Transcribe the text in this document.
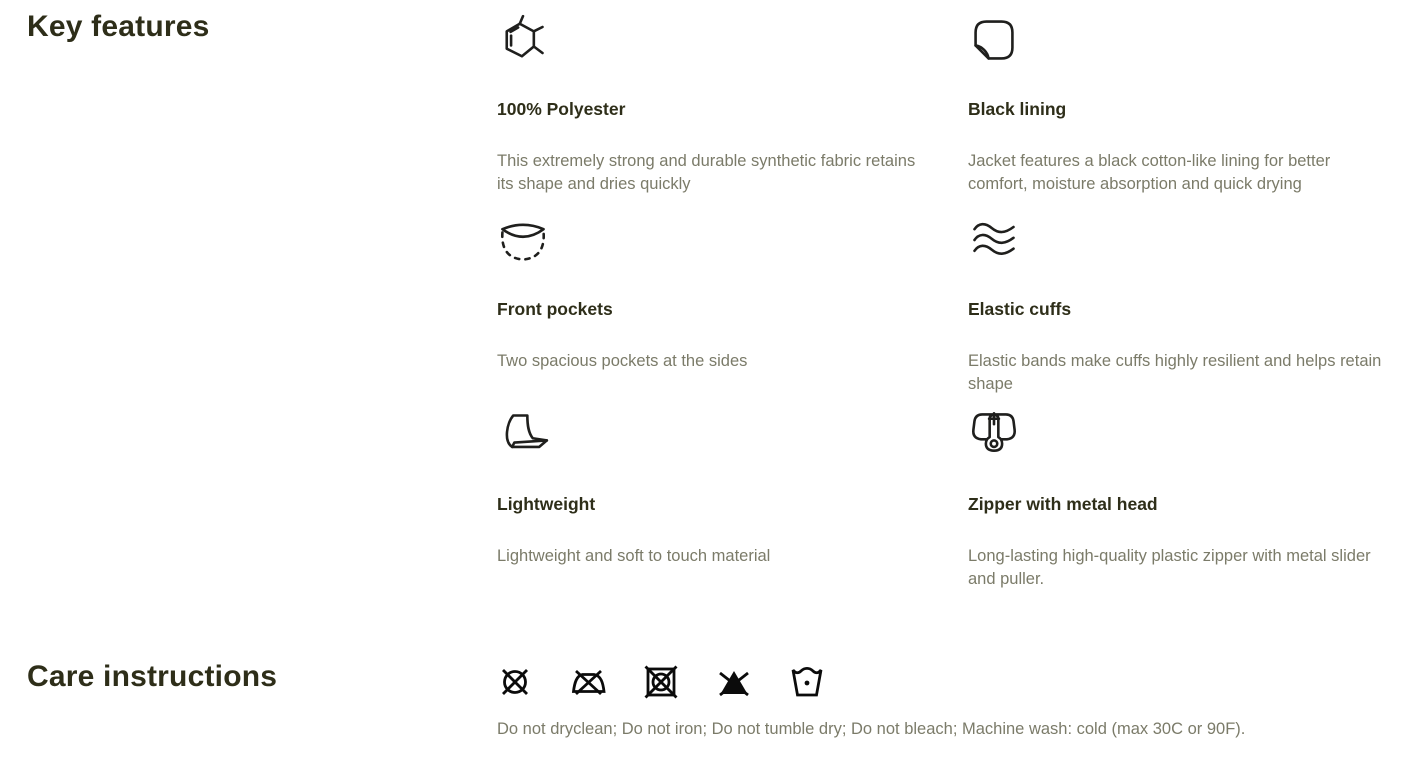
Key features
100% Polyester

This extremely strong and durable synthetic fabric retains its shape and dries quickly

Black lining

Jacket features a black cotton-like lining for better comfort, moisture absorption and quick drying

Front pockets

Two spacious pockets at the sides

Elastic cuffs

Elastic bands make cuffs highly resilient and helps retain shape

Lightweight

Lightweight and soft to touch material

Zipper with metal head

Long-lasting high-quality plastic zipper with metal slider and puller.

Care instructions

Do not dryclean; Do not iron; Do not tumble dry; Do not bleach; Machine wash: cold (max 30C or 90F).
